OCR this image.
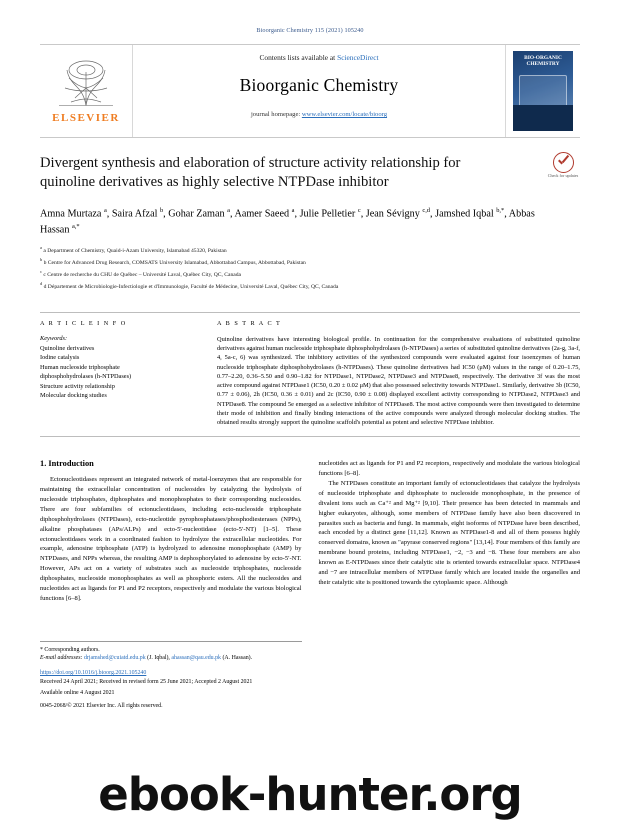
Bioorganic Chemistry 115 (2021) 105240
ELSEVIER
Contents lists available at ScienceDirect
Bioorganic Chemistry
journal homepage: www.elsevier.com/locate/bioorg
BIO-ORGANIC CHEMISTRY
Divergent synthesis and elaboration of structure activity relationship for quinoline derivatives as highly selective NTPDase inhibitor	Check for updates
Amna Murtaza $^a$, Saira Afzal $^b$, Gohar Zaman $^a$, Aamer Saeed $^a$, Julie Pelletier $^c$, Jean Sévigny $^{c,d}$, Jamshed Iqbal $^{b,*}$, Abbas Hassan $^{a,*}$
$^a$ a Department of Chemistry, Quaid-i-Azam University, Islamabad 45320, Pakistan
$^b$ b Centre for Advanced Drug Research, COMSATS University Islamabad, Abbottabad Campus, Abbottabad, Pakistan
$^c$ c Centre de recherche du CHU de Québec – Université Laval, Québec City, QC, Canada
$^d$ d Département de Microbiologie-Infectiologie et d'Immunologie, Faculté de Médecine, Université Laval, Québec City, QC, Canada
A R T I C L E I N F O
Keywords:
Quinoline derivatives
Iodine catalysis
Human nucleoside triphosphate
diphosphohydrolases (h-NTPDases)
Structure activity relationship
Molecular docking studies
A B S T R A C T
Quinoline derivatives have interesting biological profile. In continuation for the comprehensive evaluations of substituted quinoline derivatives against human nucleoside triphosphate diphosphohydrolases (h-NTPDases) a series of substituted quinoline derivatives (2a-g, 3a-f, 4, 5a-c, 6) was synthesized. The inhibitory activities of the synthesized compounds were evaluated against four isoenzymes of human nucleoside triphosphate diphosphohydrolases (h-NTPDases). These quinoline derivatives had IC50 (μM) values in the range of 0.20–1.75, 0.77–2.20, 0.36–5.50 and 0.90–1.82 for NTPDase1, NTPDase2, NTPDase3 and NTPDase8, respectively. The derivative 3f was the most active compound against NTPDase1 (IC50, 0.20 ± 0.02 μM) that also possessed selectivity towards NTPDase1. Similarly, derivative 3b (IC50, 0.77 ± 0.06), 2h (IC50, 0.36 ± 0.01) and 2c (IC50, 0.90 ± 0.08) displayed excellent activity corresponding to NTPDase2, NTPDase3 and NTPDase8. The compound 5e emerged as a selective inhibitor of NTPDase8. The most active compounds were then investigated to determine their mode of inhibition and finally binding interactions of the active compounds were analyzed through molecular docking studies. The obtained results strongly support the quinoline scaffold's potential as potent and selective NTPDase inhibitor.
1. Introduction

Ectonucleotidases represent an integrated network of metal-loenzymes that are responsible for maintaining the extracellular concentration of nucleosides by catalyzing the hydrolysis of nucleoside triphosphates, diphosphates and monophosphates to their corresponding nucleosides. There are four subfamilies of ectonucleotidases, including ecto-nucleoside triphosphate diphosphohydrolases (NTPDases), ecto-nucleotide pyrophosphatases/phosphodiesterases (NPPs), alkaline phosphatases (APs/ALPs) and ecto-5′-nucleotidase (ecto-5′-NT) [1–5]. These ectonucleotidases work in a coordinated fashion to hydrolyze the extracellular nucleotides. For example, adenosine triphosphate (ATP) is hydrolyzed to adenosine monophosphate (AMP) by NTPDases, and NPPs whereas, the resulting AMP is dephosphorylated to adenosine by ecto-5′-NT. However, APs act on a variety of substrates such as nucleoside triphosphates, nucleoside diphosphates, nucleoside monophosphates as well as phosphoric esters. All the nucleosides and nucleotides act as ligands for P1 and P2 receptors, respectively and modulate the various biological functions [6–8].

nucleotides act as ligands for P1 and P2 receptors, respectively and modulate the various biological functions [6–8].

The NTPDases constitute an important family of ectonucleotidases that catalyze the hydrolysis of nucleoside triphosphate and diphosphate to nucleoside monophosphate, in the presence of divalent ions such as Ca⁺² and Mg⁺² [9,10]. Their presence has been detected in mammals and higher eukaryotes, although, some members of NTPDase family have also been discovered in parasites such as bacteria and fungi. In mammals, eight isoforms of NTPDase have been described, each encoded by a distinct gene [11,12]. Known as NTPDase1-8 and all of them possess highly conserved domains, known as "apyrase conserved regions" [13,14]. Four members of this family are membrane bound proteins, including NTPDase1, −2, −3 and −8. These four members are also known as E-NTPDases since their catalytic site is oriented towards extracellular space. NTPDase4 and −7 are intracellular members of NTPDase family which are located inside the organelles and their catalytic site is positioned towards the cytoplasmic space. Although

* Corresponding authors.
E-mail addresses: drjamshed@cuiatd.edu.pk (J. Iqbal), ahassan@qau.edu.pk (A. Hassan).
https://doi.org/10.1016/j.bioorg.2021.105240
Received 24 April 2021; Received in revised form 25 June 2021; Accepted 2 August 2021
Available online 4 August 2021
0045-2068/© 2021 Elsevier Inc. All rights reserved.
ebook-hunter.org
